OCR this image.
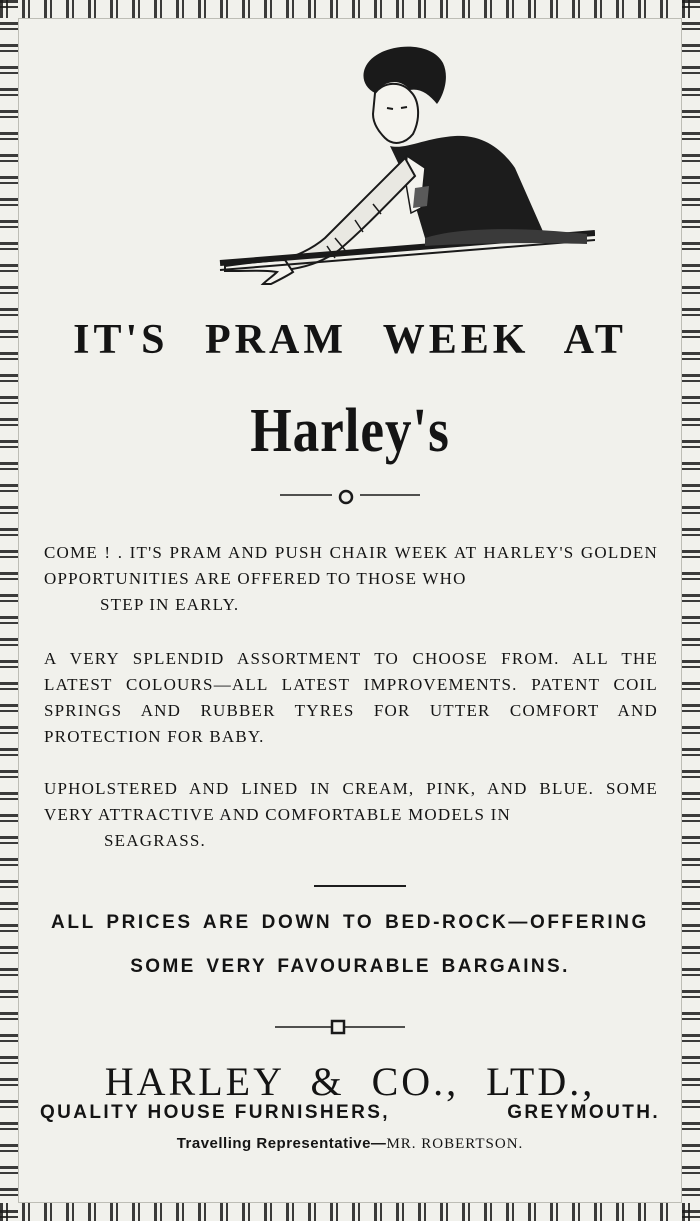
IT'S PRAM WEEK AT
Harley's
COME ! . IT'S PRAM AND PUSH CHAIR WEEK AT HARLEY'S GOLDEN OPPORTUNITIES ARE OFFERED TO THOSE WHO
STEP IN EARLY.
A VERY SPLENDID ASSORTMENT TO CHOOSE FROM. ALL THE LATEST COLOURS—ALL LATEST IMPROVEMENTS. PATENT COIL SPRINGS AND RUBBER TYRES FOR UTTER COMFORT AND PROTECTION FOR BABY.
UPHOLSTERED AND LINED IN CREAM, PINK, AND BLUE. SOME VERY ATTRACTIVE AND COMFORTABLE MODELS IN
SEAGRASS.
ALL PRICES ARE DOWN TO BED-ROCK—OFFERING
SOME VERY FAVOURABLE BARGAINS.
HARLEY & CO., LTD.,
QUALITY HOUSE FURNISHERS,	GREYMOUTH.
Travelling Representative—MR. ROBERTSON.
